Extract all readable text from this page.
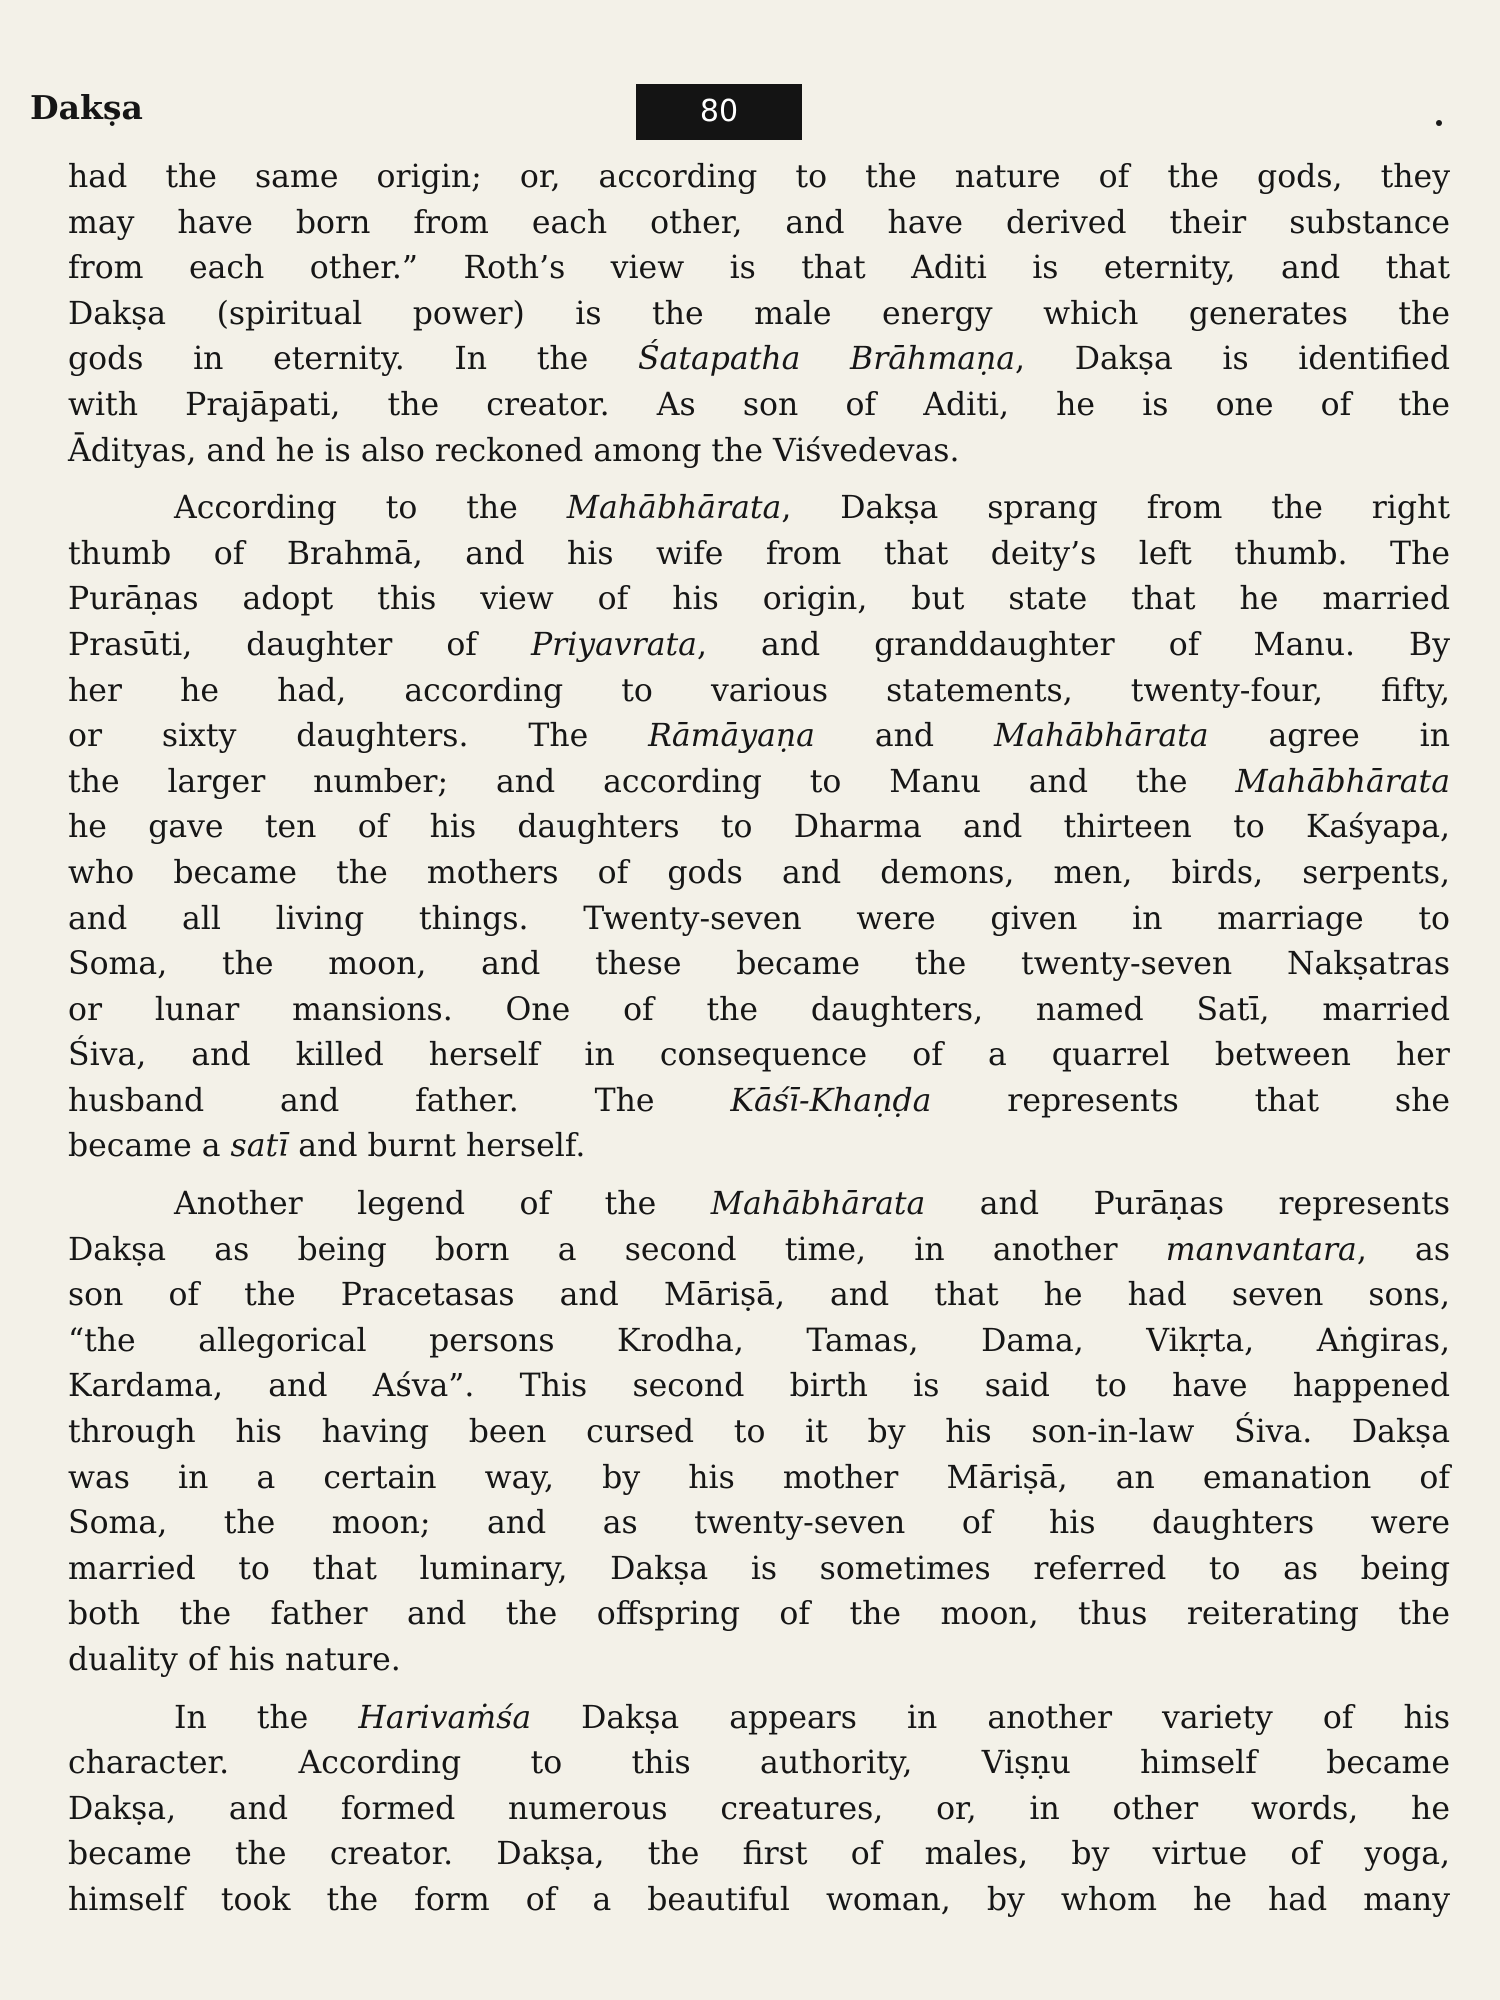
Dakṣa	80
had the same origin; or, according to the nature of the gods, they
may have born from each other, and have derived their substance
from each other.” Roth’s view is that Aditi is eternity, and that
Dakṣa (spiritual power) is the male energy which generates the
gods in eternity. In the Śatapatha Brāhmaṇa, Dakṣa is identified
with Prajāpati, the creator. As son of Aditi, he is one of the
Ādityas, and he is also reckoned among the Viśvedevas.
According to the Mahābhārata, Dakṣa sprang from the right
thumb of Brahmā, and his wife from that deity’s left thumb. The
Purāṇas adopt this view of his origin, but state that he married
Prasūti, daughter of Priyavrata, and granddaughter of Manu. By
her he had, according to various statements, twenty-four, fifty,
or sixty daughters. The Rāmāyaṇa and Mahābhārata agree in
the larger number; and according to Manu and the Mahābhārata
he gave ten of his daughters to Dharma and thirteen to Kaśyapa,
who became the mothers of gods and demons, men, birds, serpents,
and all living things. Twenty-seven were given in marriage to
Soma, the moon, and these became the twenty-seven Nakṣatras
or lunar mansions. One of the daughters, named Satī, married
Śiva, and killed herself in consequence of a quarrel between her
husband and father. The Kāśī-Khaṇḍa represents that she
became a satī and burnt herself.
Another legend of the Mahābhārata and Purāṇas represents
Dakṣa as being born a second time, in another manvantara, as
son of the Pracetasas and Māriṣā, and that he had seven sons,
“the allegorical persons Krodha, Tamas, Dama, Vikṛta, Aṅgiras,
Kardama, and Aśva”. This second birth is said to have happened
through his having been cursed to it by his son-in-law Śiva. Dakṣa
was in a certain way, by his mother Māriṣā, an emanation of
Soma, the moon; and as twenty-seven of his daughters were
married to that luminary, Dakṣa is sometimes referred to as being
both the father and the offspring of the moon, thus reiterating the
duality of his nature.
In the Harivaṁśa Dakṣa appears in another variety of his
character. According to this authority, Viṣṇu himself became
Dakṣa, and formed numerous creatures, or, in other words, he
became the creator. Dakṣa, the first of males, by virtue of yoga,
himself took the form of a beautiful woman, by whom he had many
